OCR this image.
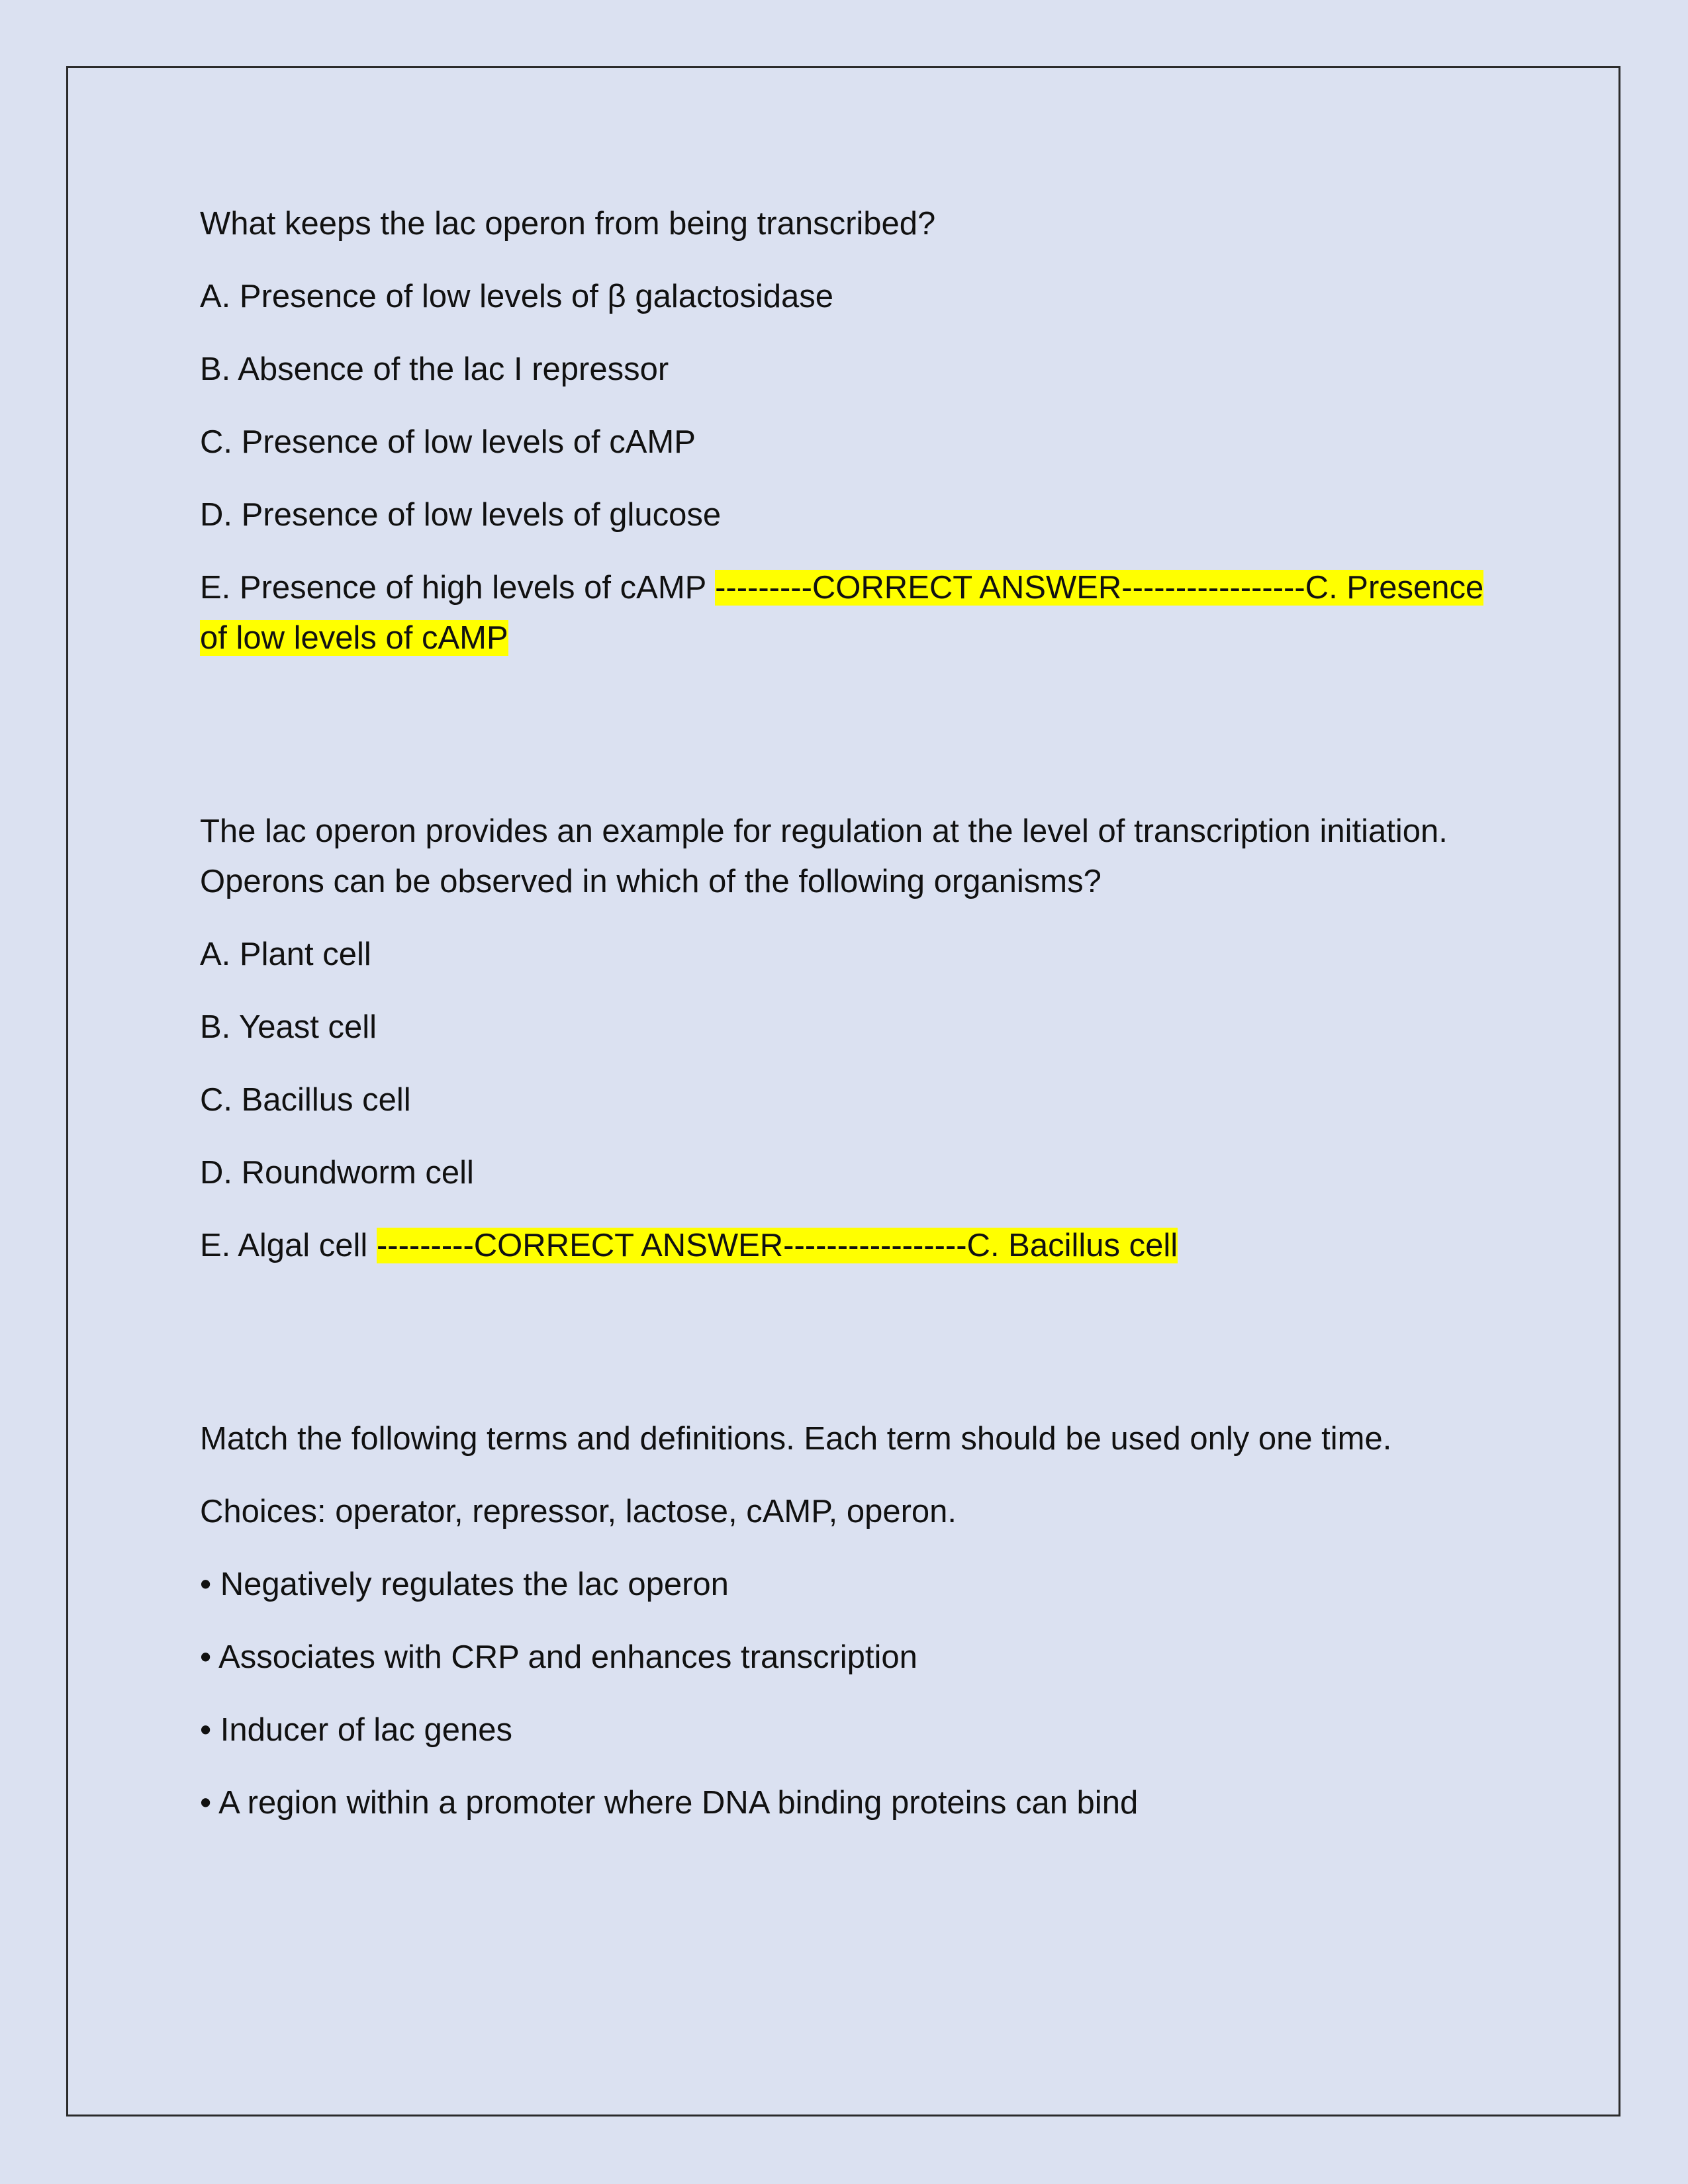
What keeps the lac operon from being transcribed?

A. Presence of low levels of β galactosidase

B. Absence of the lac I repressor

C. Presence of low levels of cAMP

D. Presence of low levels of glucose

E. Presence of high levels of cAMP ---------CORRECT ANSWER-----------------C. Presence of low levels of cAMP

The lac operon provides an example for regulation at the level of transcription initiation. Operons can be observed in which of the following organisms?

A. Plant cell

B. Yeast cell

C. Bacillus cell

D. Roundworm cell

E. Algal cell ---------CORRECT ANSWER-----------------C. Bacillus cell

Match the following terms and definitions. Each term should be used only one time.

Choices: operator, repressor, lactose, cAMP, operon.

• Negatively regulates the lac operon

• Associates with CRP and enhances transcription

• Inducer of lac genes

• A region within a promoter where DNA binding proteins can bind
